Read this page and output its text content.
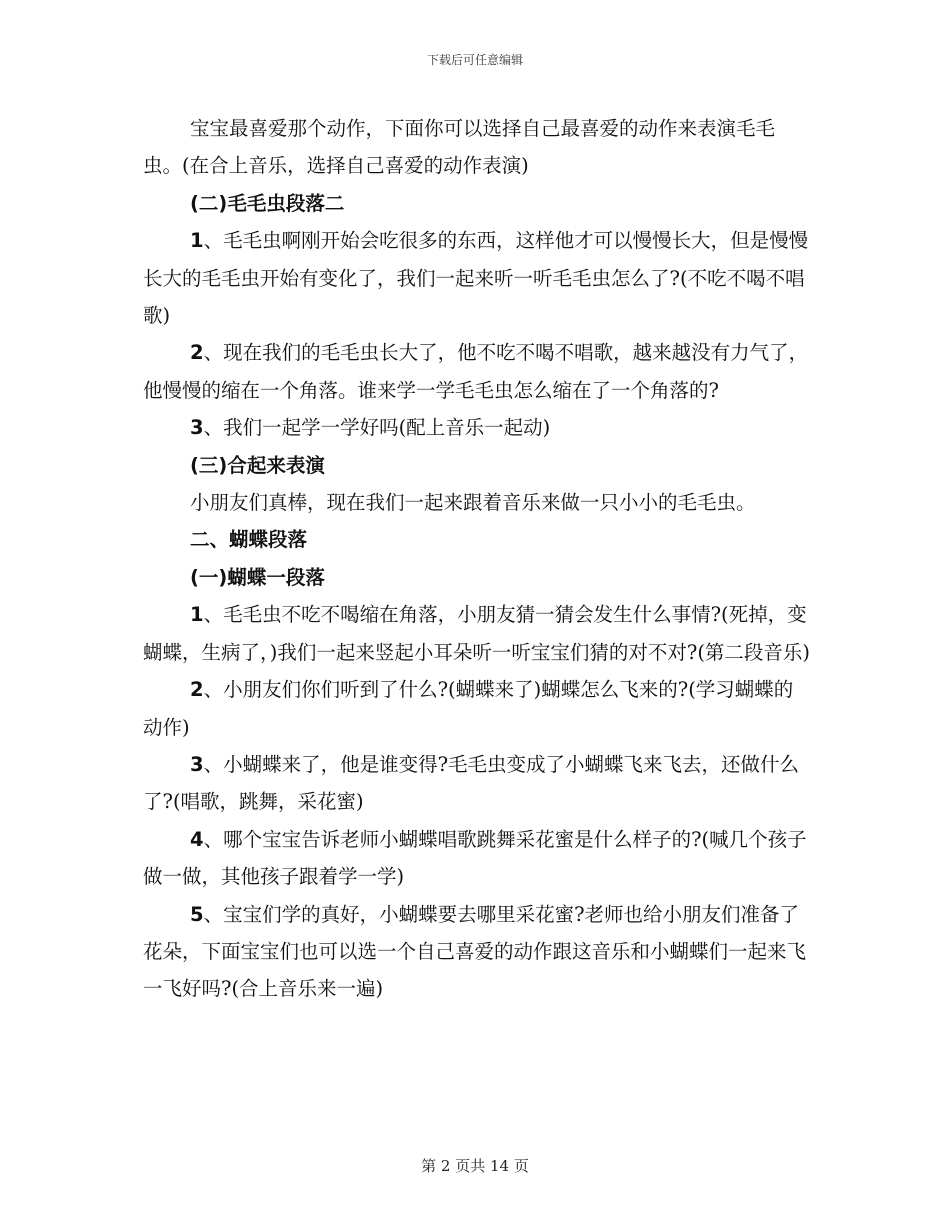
下载后可任意编辑

宝宝最喜爱那个动作，下面你可以选择自己最喜爱的动作来表演毛毛虫。(在合上音乐，选择自己喜爱的动作表演)

(二)毛毛虫段落二

1、毛毛虫啊刚开始会吃很多的东西，这样他才可以慢慢长大，但是慢慢长大的毛毛虫开始有变化了，我们一起来听一听毛毛虫怎么了?(不吃不喝不唱歌)

2、现在我们的毛毛虫长大了，他不吃不喝不唱歌，越来越没有力气了，他慢慢的缩在一个角落。谁来学一学毛毛虫怎么缩在了一个角落的?

3、我们一起学一学好吗(配上音乐一起动)

(三)合起来表演

小朋友们真棒，现在我们一起来跟着音乐来做一只小小的毛毛虫。

二、蝴蝶段落

(一)蝴蝶一段落

1、毛毛虫不吃不喝缩在角落，小朋友猜一猜会发生什么事情?(死掉，变蝴蝶，生病了，)我们一起来竖起小耳朵听一听宝宝们猜的对不对?(第二段音乐)

2、小朋友们你们听到了什么?(蝴蝶来了)蝴蝶怎么飞来的?(学习蝴蝶的动作)

3、小蝴蝶来了，他是谁变得?毛毛虫变成了小蝴蝶飞来飞去，还做什么了?(唱歌，跳舞，采花蜜)

4、哪个宝宝告诉老师小蝴蝶唱歌跳舞采花蜜是什么样子的?(喊几个孩子做一做，其他孩子跟着学一学)

5、宝宝们学的真好，小蝴蝶要去哪里采花蜜?老师也给小朋友们准备了花朵，下面宝宝们也可以选一个自己喜爱的动作跟这音乐和小蝴蝶们一起来飞一飞好吗?(合上音乐来一遍)

第 2 页共 14 页
